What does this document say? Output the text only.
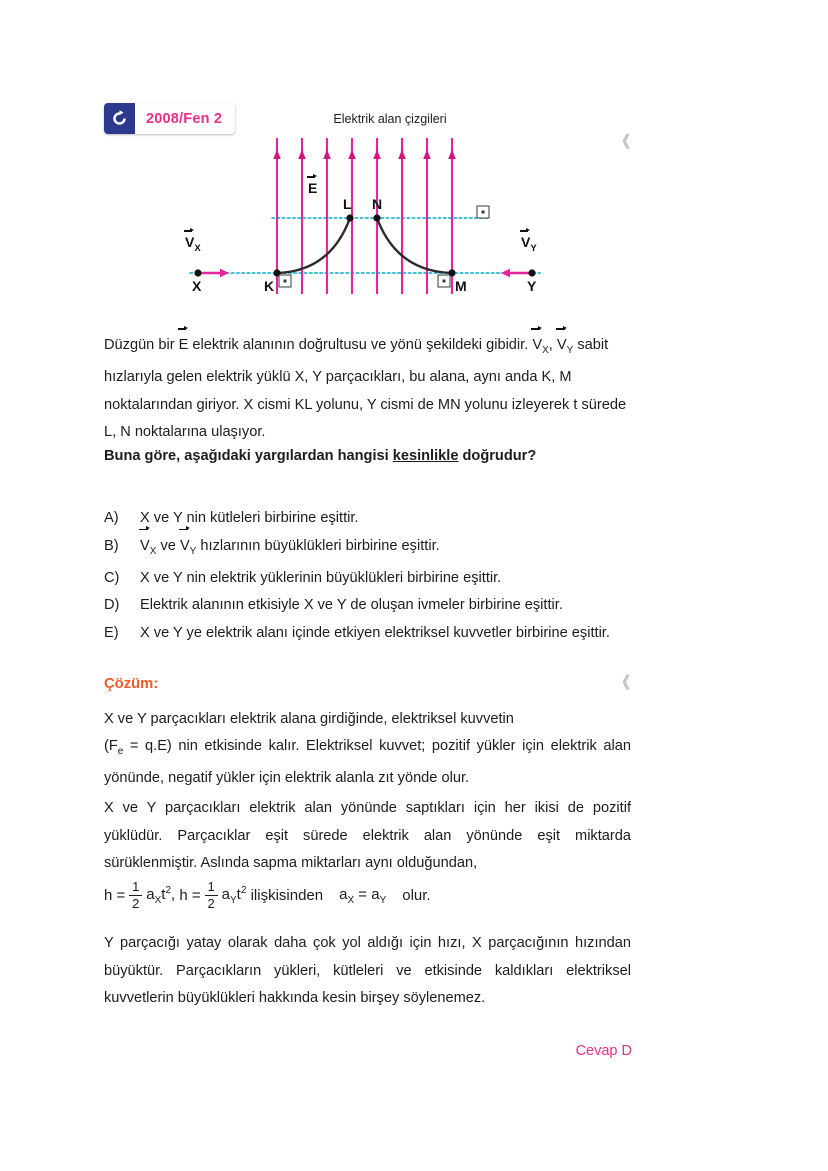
2008/Fen 2	Elektrik alan çizgileri
E
L N
X	K	M	Y
$V_X$	$V_Y$
Düzgün bir E elektrik alanının doğrultusu ve yönü şekildeki gibidir. $V_X$, $V_Y$ sabit hızlarıyla gelen elektrik yüklü X, Y parçacıkları, bu alana, aynı anda K, M noktalarından giriyor. X cismi KL yolunu, Y cismi de MN yolunu izleyerek t sürede L, N noktalarına ulaşıyor.
Buna göre, aşağıdaki yargılardan hangisi kesinlikle doğrudur?
A)	X ve Y nin kütleleri birbirine eşittir.
B)	$V_X$ ve $V_Y$ hızlarının büyüklükleri birbirine eşittir.
C)	X ve Y nin elektrik yüklerinin büyüklükleri birbirine eşittir.
D)	Elektrik alanının etkisiyle X ve Y de oluşan ivmeler birbirine eşittir.
E)	X ve Y ye elektrik alanı içinde etkiyen elektriksel kuvvetler birbirine eşittir.
Çözüm:
X ve Y parçacıkları elektrik alana girdiğinde, elektriksel kuvvetin
$(F_e = q.E)$ nin etkisinde kalır. Elektriksel kuvvet; pozitif yükler için elektrik alan yönünde, negatif yükler için elektrik alanla zıt yönde olur.
X ve Y parçacıkları elektrik alan yönünde saptıkları için her ikisi de pozitif yüklüdür. Parçacıklar eşit sürede elektrik alan yönünde eşit miktarda sürüklenmiştir. Aslında sapma miktarları aynı olduğundan,
$h = \frac{1}{2} a_Xt^2$,
$h = \frac{1}{2} a_Yt^2$
ilişkisinden $a_X = a_Y$ olur.
Y parçacığı yatay olarak daha çok yol aldığı için hızı, X parçacığının hızından büyüktür. Parçacıkların yükleri, kütleleri ve etkisinde kaldıkları elektriksel kuvvetlerin büyüklükleri hakkında kesin birşey söylenemez.
Cevap D
❰
❰
